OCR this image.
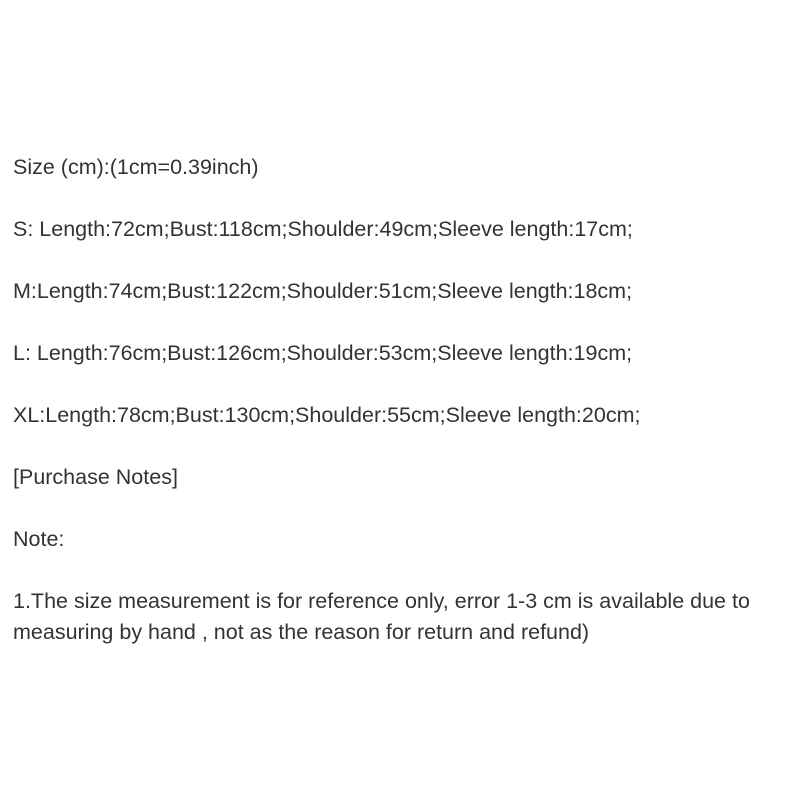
Size (cm):(1cm=0.39inch)

S: Length:72cm;Bust:118cm;Shoulder:49cm;Sleeve length:17cm;

M:Length:74cm;Bust:122cm;Shoulder:51cm;Sleeve length:18cm;

L: Length:76cm;Bust:126cm;Shoulder:53cm;Sleeve length:19cm;

XL:Length:78cm;Bust:130cm;Shoulder:55cm;Sleeve length:20cm;

[Purchase Notes]

Note:

1.The size measurement is for reference only, error 1-3 cm is available due to measuring by hand , not as the reason for return and refund)
